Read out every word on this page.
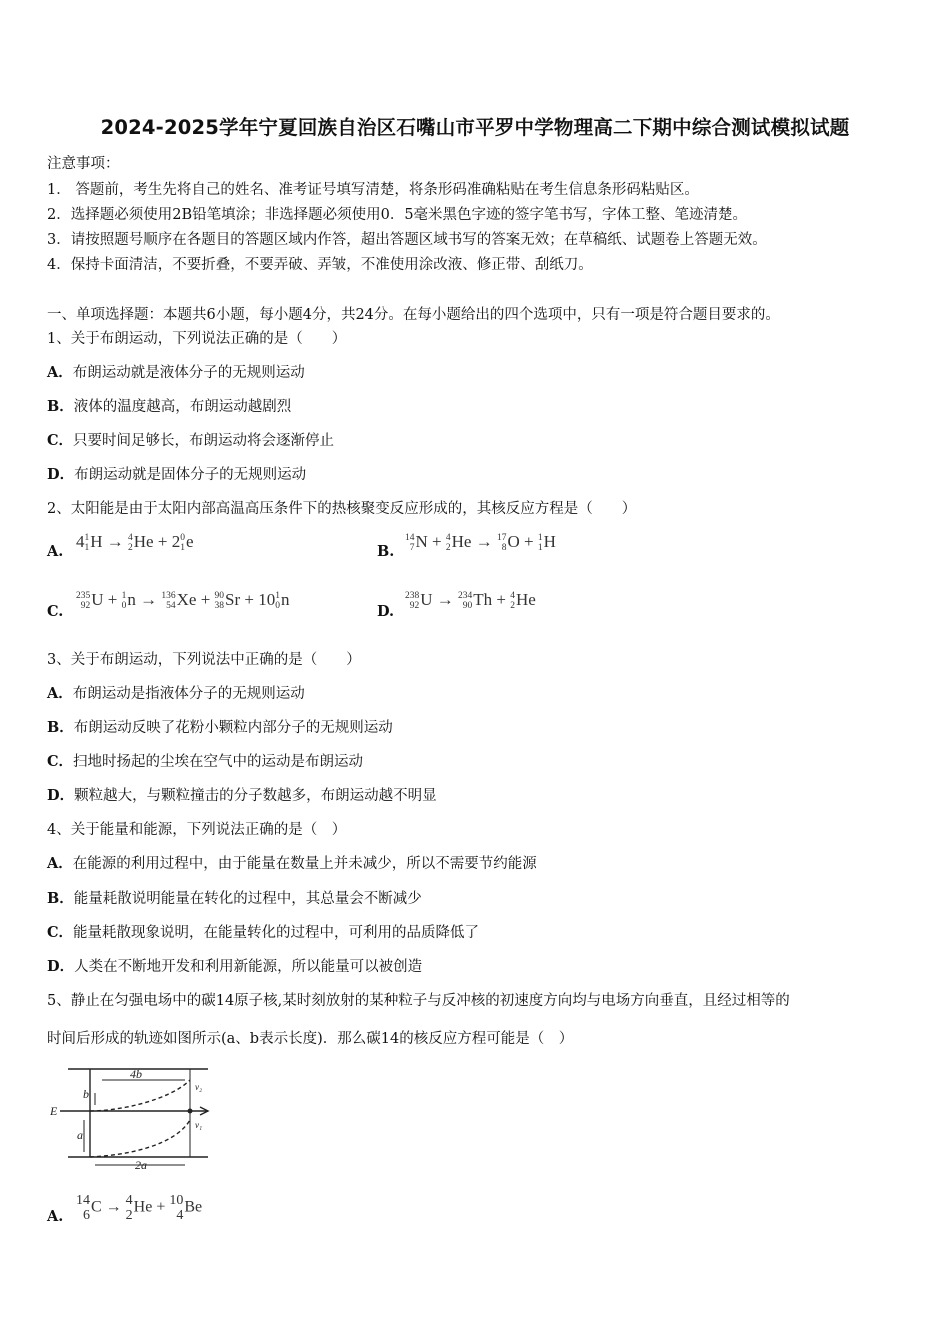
2024-2025学年宁夏回族自治区石嘴山市平罗中学物理高二下期中综合测试模拟试题
注意事项：
1． 答题前，考生先将自己的姓名、准考证号填写清楚，将条形码准确粘贴在考生信息条形码粘贴区。
2．选择题必须使用2B铅笔填涂；非选择题必须使用0．5毫米黑色字迹的签字笔书写，字体工整、笔迹清楚。
3．请按照题号顺序在各题目的答题区域内作答，超出答题区域书写的答案无效；在草稿纸、试题卷上答题无效。
4．保持卡面清洁，不要折叠，不要弄破、弄皱，不准使用涂改液、修正带、刮纸刀。
一、单项选择题：本题共6小题，每小题4分，共24分。在每小题给出的四个选项中，只有一项是符合题目要求的。
1、关于布朗运动，下列说法正确的是（　　）
A．布朗运动就是液体分子的无规则运动
B．液体的温度越高，布朗运动越剧烈
C．只要时间足够长，布朗运动将会逐渐停止
D．布朗运动就是固体分子的无规则运动
2、太阳能是由于太阳内部高温高压条件下的热核聚变反应形成的，其核反应方程是（　　）
A.
4 1
1 H → 4
2 He + 2 0
1 e
B.
14
7 N + 4
2 He → 17
8 O + 1
1 H
C.
235
92 U + 1
0 n → 136
54 Xe + 90
38 Sr + 10 1
0 n
D.
238
92 U → 234
90 Th + 4
2 He
3、关于布朗运动，下列说法中正确的是（　　）
A．布朗运动是指液体分子的无规则运动
B．布朗运动反映了花粉小颗粒内部分子的无规则运动
C．扫地时扬起的尘埃在空气中的运动是布朗运动
D．颗粒越大，与颗粒撞击的分子数越多，布朗运动越不明显
4、关于能量和能源，下列说法正确的是（　）
A．在能源的利用过程中，由于能量在数量上并未减少，所以不需要节约能源
B．能量耗散说明能量在转化的过程中，其总量会不断减少
C．能量耗散现象说明，在能量转化的过程中，可利用的品质降低了
D．人类在不断地开发和利用新能源，所以能量可以被创造
5、静止在匀强电场中的碳14原子核,某时刻放射的某种粒子与反冲核的初速度方向均与电场方向垂直，且经过相等的
时间后形成的轨迹如图所示(a、b表示长度)．那么碳14的核反应方程可能是（　）
4b
b
a
2a
E
v₂
v₁
A.
14
6 C → 4
2 He + 10
4 Be
